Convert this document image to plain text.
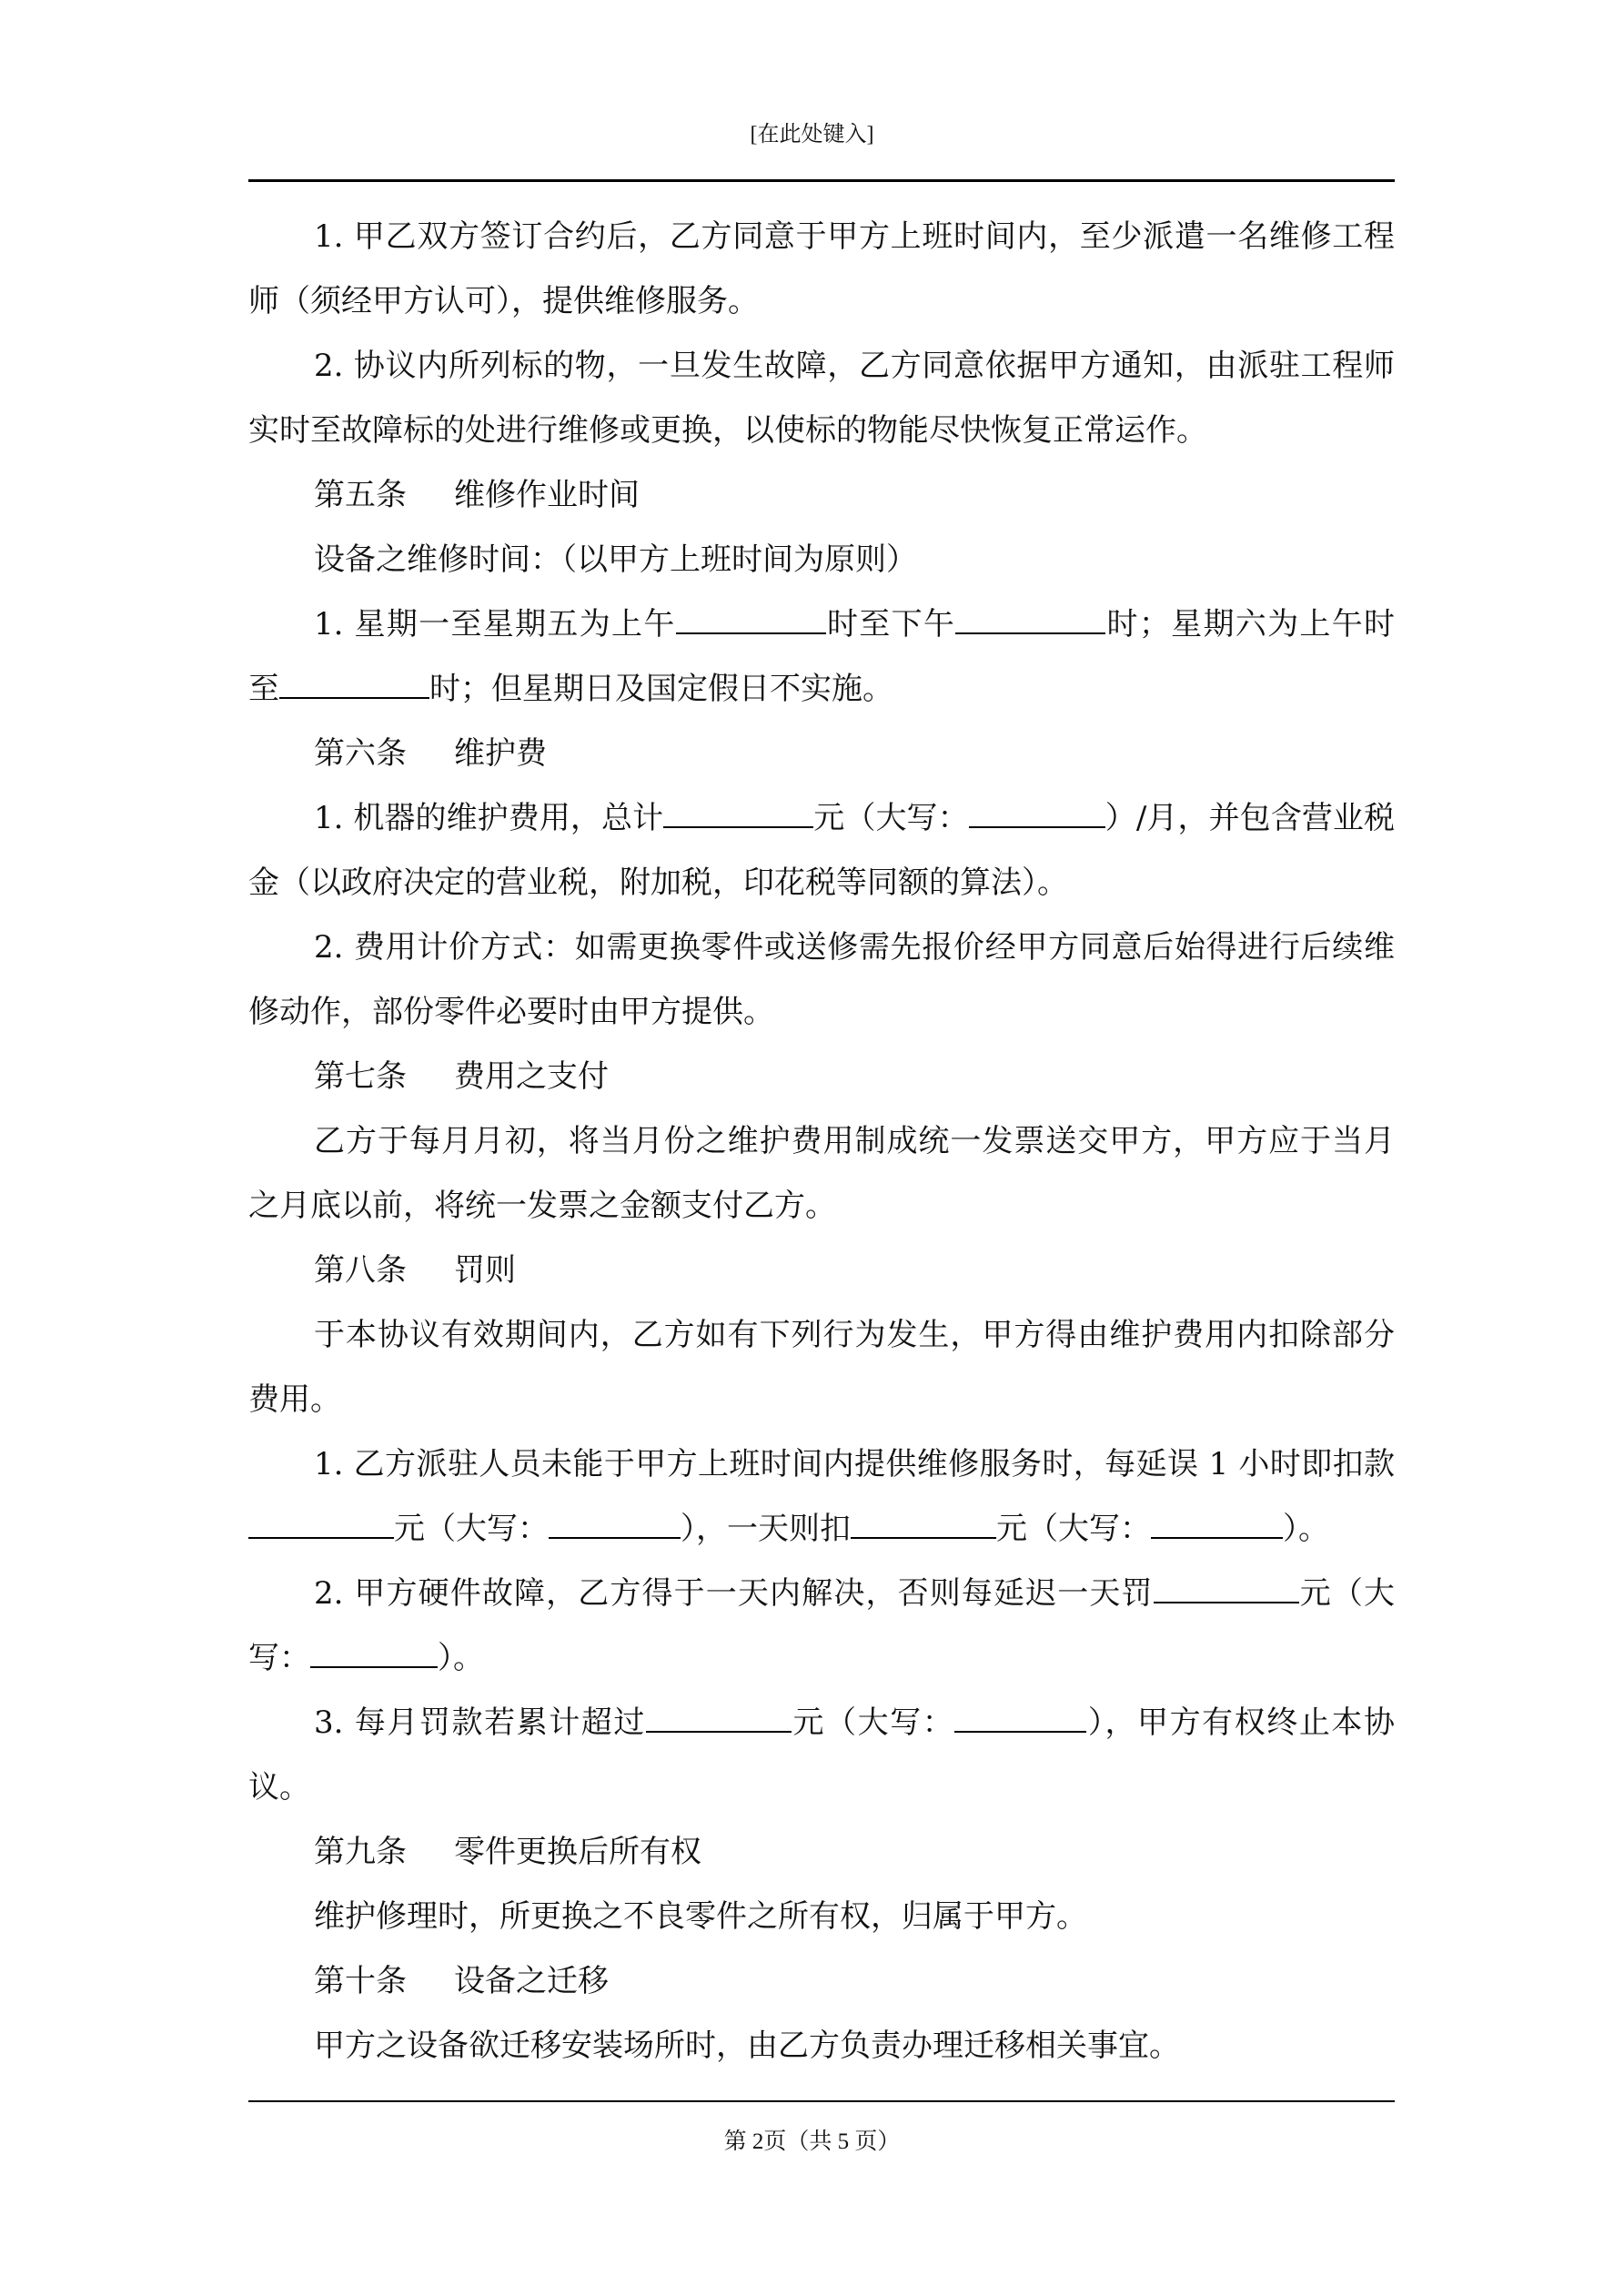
[在此处键入]

1. 甲乙双方签订合约后，乙方同意于甲方上班时间内，至少派遣一名维修工程师（须经甲方认可），提供维修服务。

2. 协议内所列标的物，一旦发生故障，乙方同意依据甲方通知，由派驻工程师实时至故障标的处进行维修或更换，以使标的物能尽快恢复正常运作。

第五条 维修作业时间

设备之维修时间：（以甲方上班时间为原则）

1. 星期一至星期五为上午	时至下午	时；星期六为上午时至	时；但星期日及国定假日不实施。

第六条 维护费

1. 机器的维护费用，总计	元（大写：	）/月，并包含营业税金（以政府决定的营业税，附加税，印花税等同额的算法）。

2. 费用计价方式：如需更换零件或送修需先报价经甲方同意后始得进行后续维修动作，部份零件必要时由甲方提供。

第七条 费用之支付

乙方于每月月初，将当月份之维护费用制成统一发票送交甲方，甲方应于当月之月底以前，将统一发票之金额支付乙方。

第八条 罚则

于本协议有效期间内，乙方如有下列行为发生，甲方得由维护费用内扣除部分费用。

1. 乙方派驻人员未能于甲方上班时间内提供维修服务时，每延误 1 小时即扣款元（大写：	），一天则扣	元（大写：	）。

2. 甲方硬件故障，乙方得于一天内解决，否则每延迟一天罚	元（大写：	）。

3. 每月罚款若累计超过	元（大写：	），甲方有权终止本协议。

第九条 零件更换后所有权

维护修理时，所更换之不良零件之所有权，归属于甲方。

第十条 设备之迁移

甲方之设备欲迁移安装场所时，由乙方负责办理迁移相关事宜。

第 2页（共 5 页）
